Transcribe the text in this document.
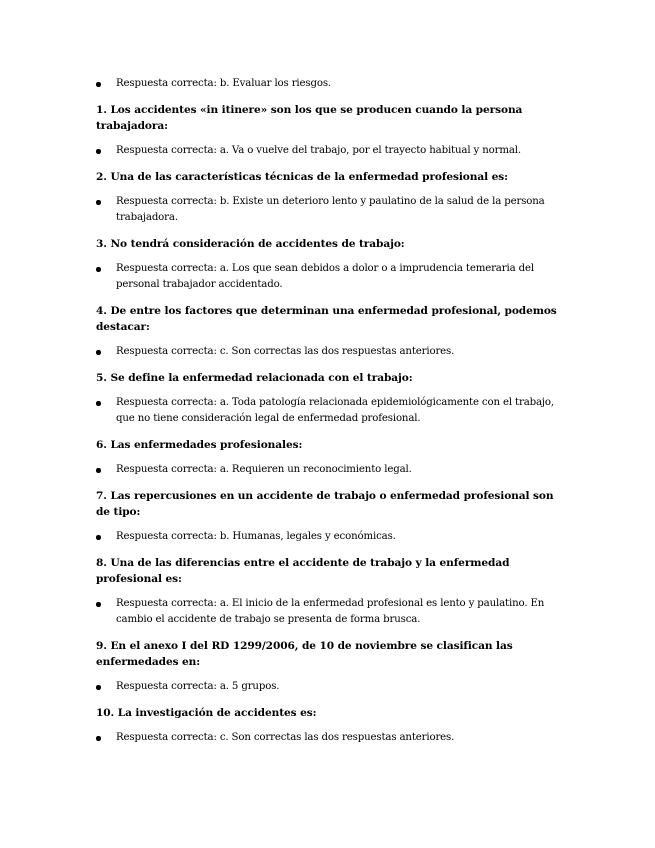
Respuesta correcta: b. Evaluar los riesgos.

1. Los accidentes «in itinere» son los que se producen cuando la persona trabajadora:

Respuesta correcta: a. Va o vuelve del trabajo, por el trayecto habitual y normal.

2. Una de las características técnicas de la enfermedad profesional es:

Respuesta correcta: b. Existe un deterioro lento y paulatino de la salud de la persona trabajadora.

3. No tendrá consideración de accidentes de trabajo:

Respuesta correcta: a. Los que sean debidos a dolor o a imprudencia temeraria del personal trabajador accidentado.

4. De entre los factores que determinan una enfermedad profesional, podemos destacar:

Respuesta correcta: c. Son correctas las dos respuestas anteriores.

5. Se define la enfermedad relacionada con el trabajo:

Respuesta correcta: a. Toda patología relacionada epidemiológicamente con el trabajo, que no tiene consideración legal de enfermedad profesional.

6. Las enfermedades profesionales:

Respuesta correcta: a. Requieren un reconocimiento legal.

7. Las repercusiones en un accidente de trabajo o enfermedad profesional son de tipo:

Respuesta correcta: b. Humanas, legales y económicas.

8. Una de las diferencias entre el accidente de trabajo y la enfermedad profesional es:

Respuesta correcta: a. El inicio de la enfermedad profesional es lento y paulatino. En cambio el accidente de trabajo se presenta de forma brusca.

9. En el anexo I del RD 1299/2006, de 10 de noviembre se clasifican las enfermedades en:

Respuesta correcta: a. 5 grupos.

10. La investigación de accidentes es:

Respuesta correcta: c. Son correctas las dos respuestas anteriores.
